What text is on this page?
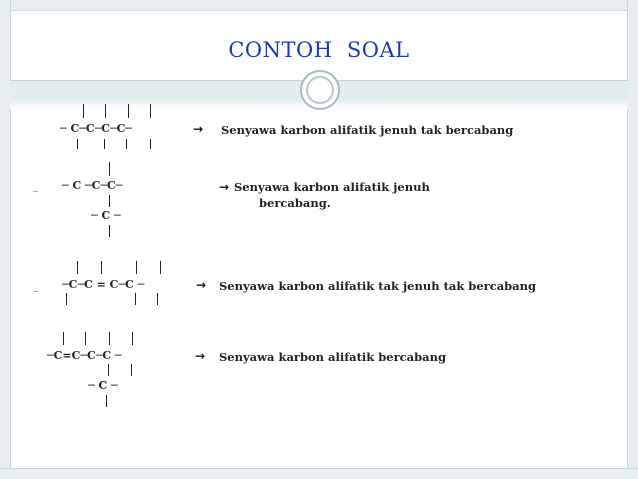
CONTOH  SOAL
─ C─C─C─C─	→ Senyawa karbon alifatik jenuh tak bercabang
─ C ─C─C─
─ C ─
→ Senyawa karbon alifatik jenuh
bercabang.
─C─C = C─C ─	→ Senyawa karbon alifatik tak jenuh tak bercabang
─C=C─C─C ─
─ C ─
→ Senyawa karbon alifatik bercabang
